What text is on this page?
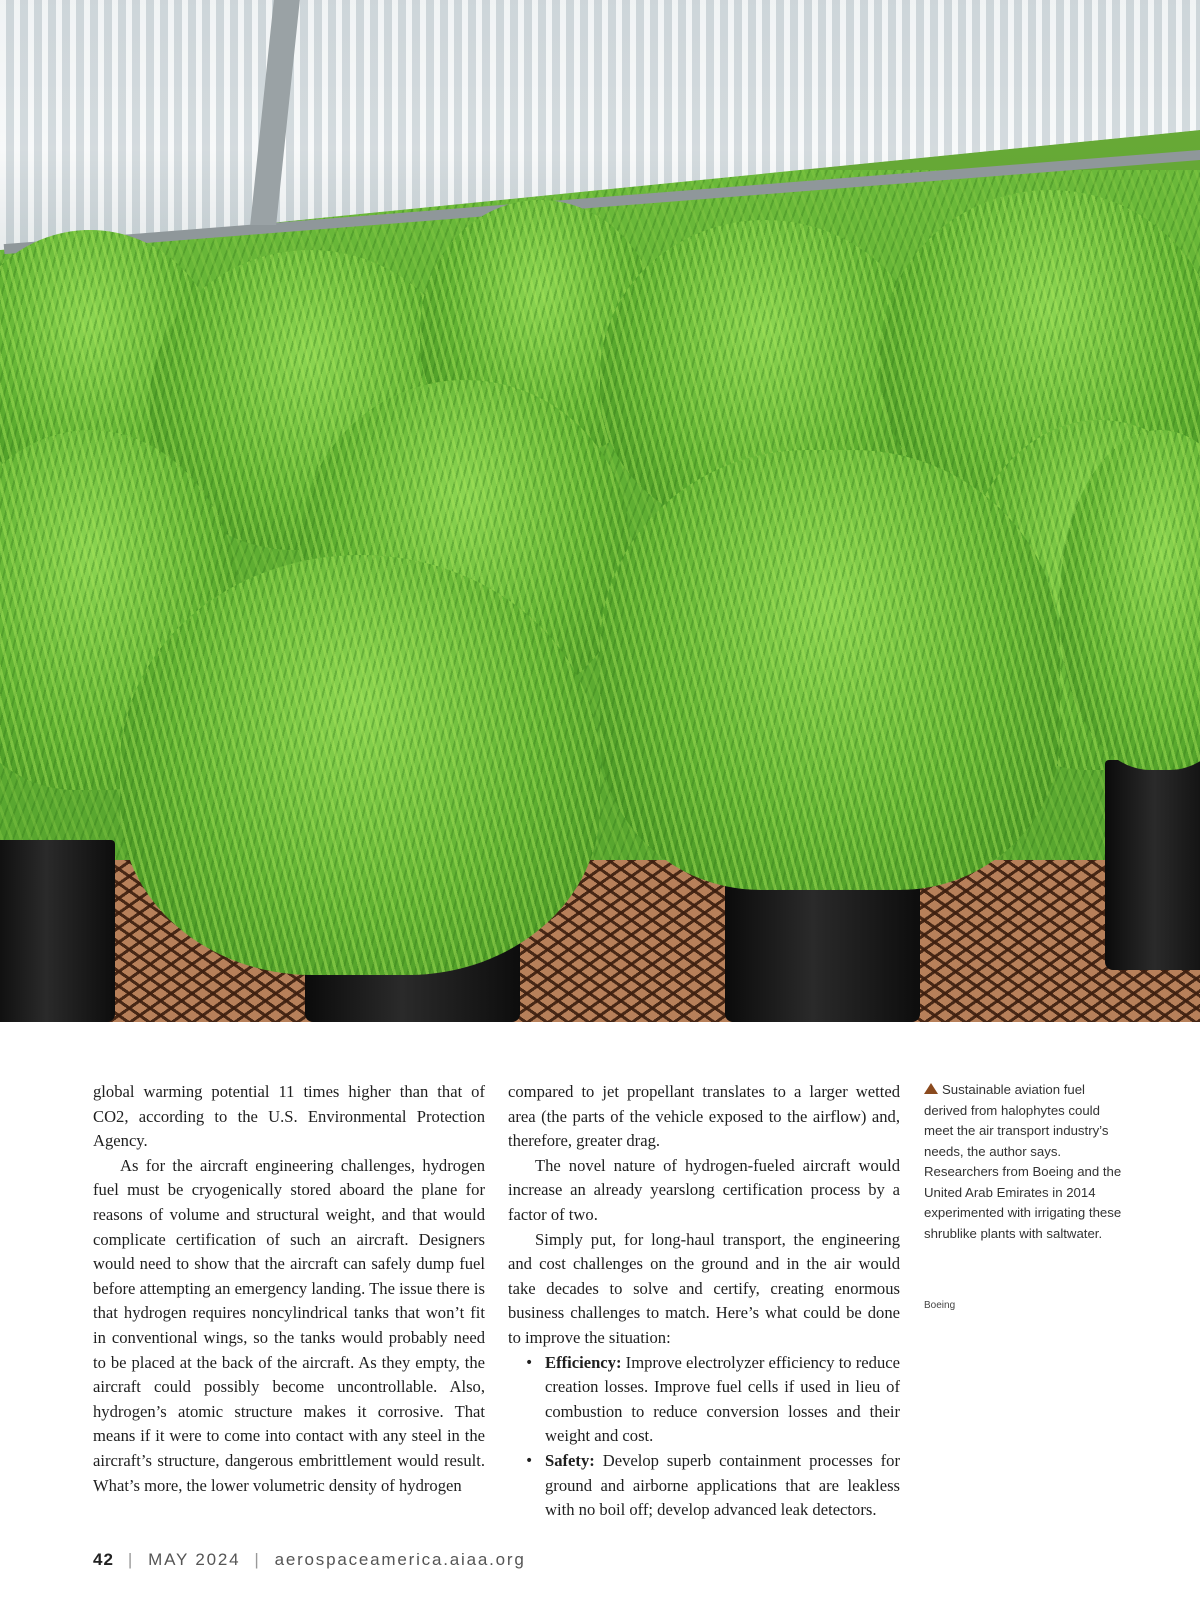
global warming potential 11 times higher than that of CO2, according to the U.S. Environmental Protection Agency.

As for the aircraft engineering challenges, hydrogen fuel must be cryogenically stored aboard the plane for reasons of volume and structural weight, and that would complicate certification of such an aircraft. Designers would need to show that the aircraft can safely dump fuel before attempting an emergency landing. The issue there is that hydrogen requires noncylindrical tanks that won’t fit in conventional wings, so the tanks would probably need to be placed at the back of the aircraft. As they empty, the aircraft could possibly become uncontrollable. Also, hydrogen’s atomic structure makes it corrosive. That means if it were to come into contact with any steel in the aircraft’s structure, dangerous embrittlement would result. What’s more, the lower volumetric density of hydrogen

compared to jet propellant translates to a larger wetted area (the parts of the vehicle exposed to the airflow) and, therefore, greater drag.

The novel nature of hydrogen-fueled aircraft would increase an already yearslong certification process by a factor of two.

Simply put, for long-haul transport, the engineering and cost challenges on the ground and in the air would take decades to solve and certify, creating enormous business challenges to match. Here’s what could be done to improve the situation:

• Efficiency: Improve electrolyzer efficiency to reduce creation losses. Improve fuel cells if used in lieu of combustion to reduce conversion losses and their weight and cost.
• Safety: Develop superb containment processes for ground and airborne applications that are leakless with no boil off; develop advanced leak detectors.
Sustainable aviation fuel derived from halophytes could meet the air transport industry’s needs, the author says. Researchers from Boeing and the United Arab Emirates in 2014 experimented with irrigating these shrublike plants with saltwater.
Boeing
42 | MAY 2024 | aerospaceamerica.aiaa.org
